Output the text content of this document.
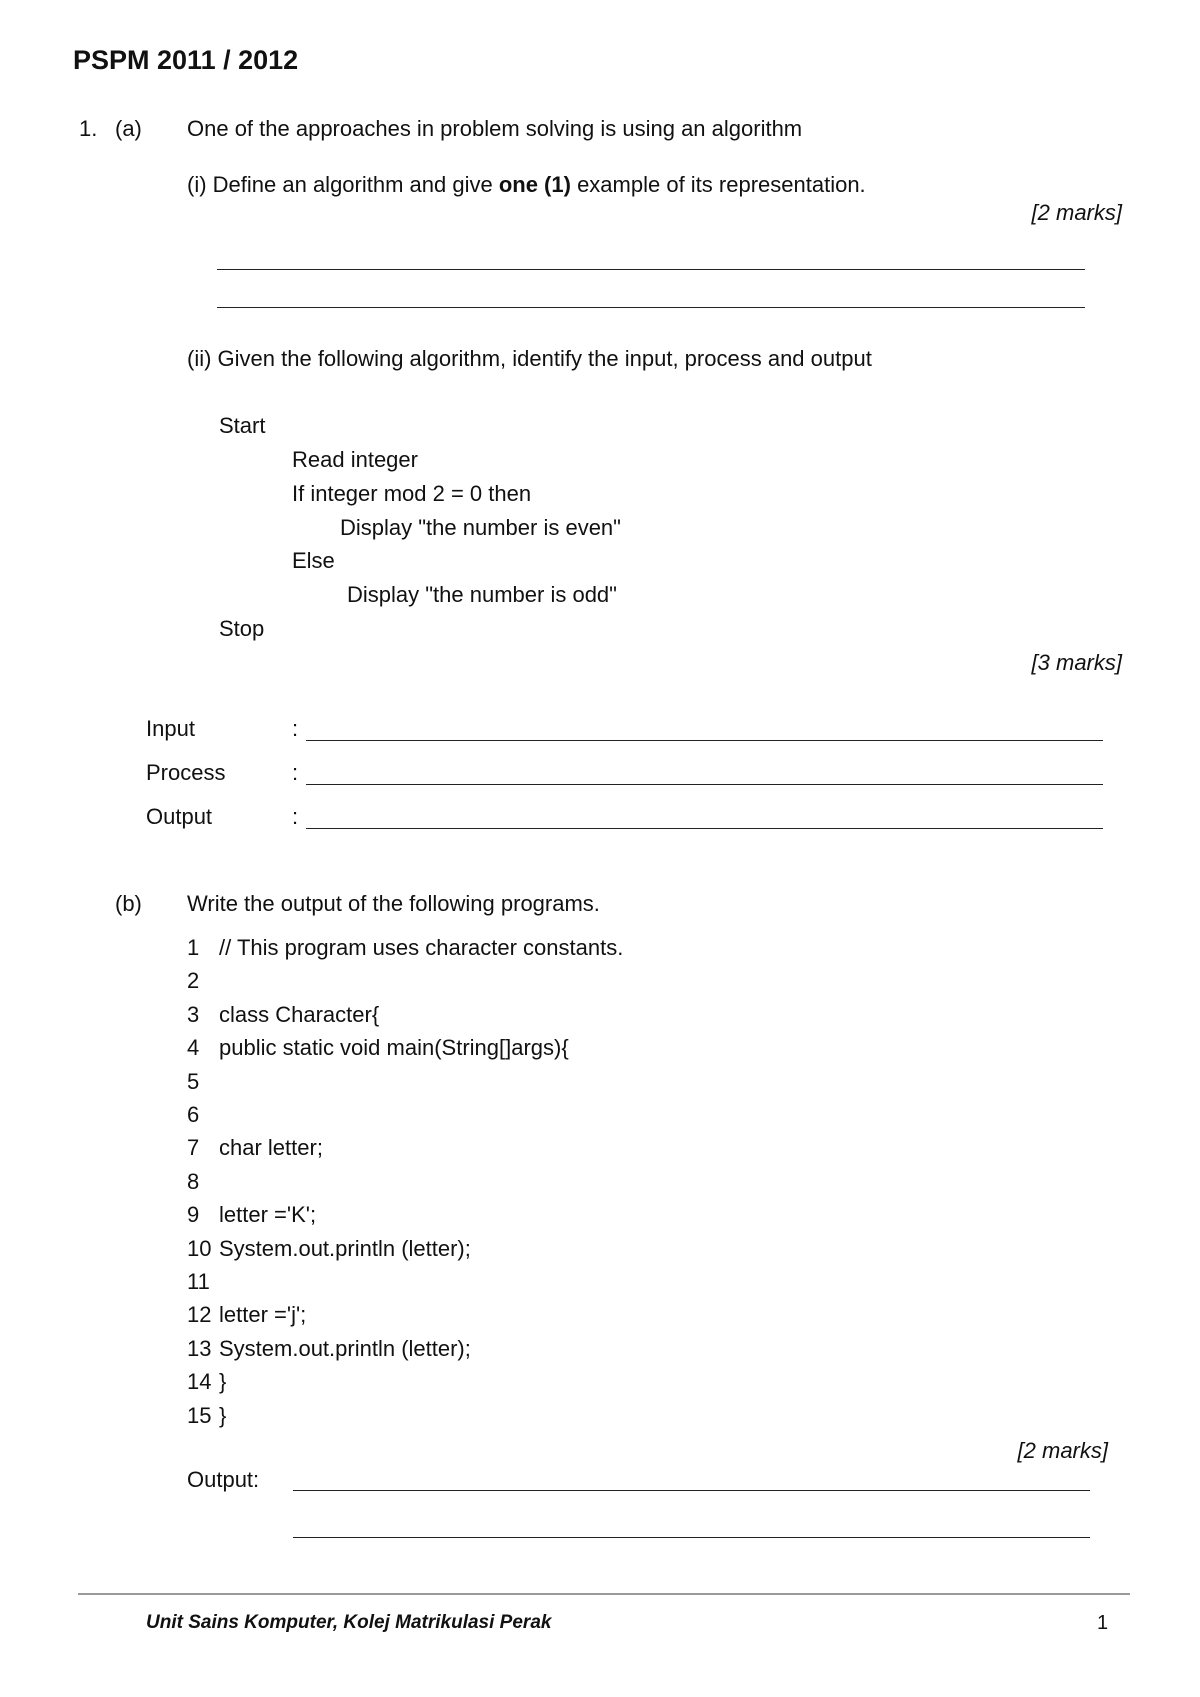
PSPM 2011 / 2012
1. (a) One of the approaches in problem solving is using an algorithm
(i) Define an algorithm and give one (1) example of its representation.
[2 marks]
(ii) Given the following algorithm, identify the input, process and output
Start
Read integer
If integer mod 2 = 0 then
Display "the number is even"
Else
Display "the number is odd"
Stop
[3 marks]
Input	:
Process	:
Output	:
(b) Write the output of the following programs.
1 // This program uses character constants.
2
3 class Character{
4 public static void main(String[]args){
5
6
7 char letter;
8
9 letter ='K';
10 System.out.println (letter);
11
12 letter ='j';
13 System.out.println (letter);
14 }
15 }
[2 marks]
Output:
Unit Sains Komputer, Kolej Matrikulasi Perak	1
